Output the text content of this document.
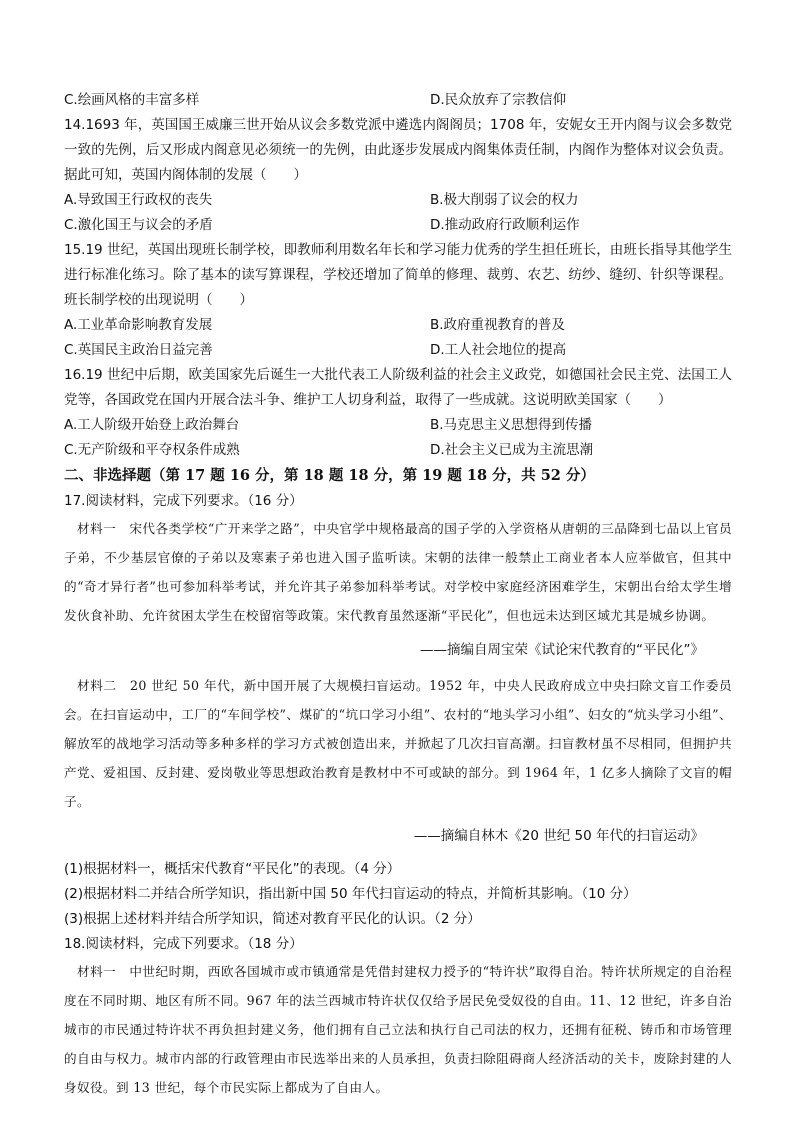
C.绘画风格的丰富多样	D.民众放弃了宗教信仰
14.1693 年，英国国王威廉三世开始从议会多数党派中遴选内阁阁员；1708 年，安妮女王开内阁与议会多数党一致的先例，后又形成内阁意见必须统一的先例，由此逐步发展成内阁集体责任制，内阁作为整体对议会负责。据此可知，英国内阁体制的发展（　　）
A.导致国王行政权的丧失	B.极大削弱了议会的权力
C.激化国王与议会的矛盾	D.推动政府行政顺利运作
15.19 世纪，英国出现班长制学校，即教师利用数名年长和学习能力优秀的学生担任班长，由班长指导其他学生进行标准化练习。除了基本的读写算课程，学校还增加了简单的修理、裁剪、农艺、纺纱、缝纫、针织等课程。班长制学校的出现说明（　　）
A.工业革命影响教育发展	B.政府重视教育的普及
C.英国民主政治日益完善	D.工人社会地位的提高
16.19 世纪中后期，欧美国家先后诞生一大批代表工人阶级利益的社会主义政党，如德国社会民主党、法国工人党等，各国政党在国内开展合法斗争、维护工人切身利益，取得了一些成就。这说明欧美国家（　　）
A.工人阶级开始登上政治舞台	B.马克思主义思想得到传播
C.无产阶级和平夺权条件成熟	D.社会主义已成为主流思潮
二、非选择题（第 17 题 16 分，第 18 题 18 分，第 19 题 18 分，共 52 分）
17.阅读材料，完成下列要求。（16 分）
材料一　宋代各类学校“广开来学之路”，中央官学中规格最高的国子学的入学资格从唐朝的三品降到七品以上官员子弟，不少基层官僚的子弟以及寒素子弟也进入国子监听读。宋朝的法律一般禁止工商业者本人应举做官，但其中的“奇才异行者”也可参加科举考试，并允许其子弟参加科举考试。对学校中家庭经济困难学生，宋朝出台给太学生增发伙食补助、允许贫困太学生在校留宿等政策。宋代教育虽然逐渐“平民化”，但也远未达到区域尤其是城乡协调。
——摘编自周宝荣《试论宋代教育的“平民化”》
材料二　20 世纪 50 年代，新中国开展了大规模扫盲运动。1952 年，中央人民政府成立中央扫除文盲工作委员会。在扫盲运动中，工厂的“车间学校”、煤矿的“坑口学习小组”、农村的“地头学习小组”、妇女的“炕头学习小组”、解放军的战地学习活动等多种多样的学习方式被创造出来，并掀起了几次扫盲高潮。扫盲教材虽不尽相同，但拥护共产党、爱祖国、反封建、爱岗敬业等思想政治教育是教材中不可或缺的部分。到 1964 年，1 亿多人摘除了文盲的帽子。
——摘编自林木《20 世纪 50 年代的扫盲运动》
(1)根据材料一，概括宋代教育“平民化”的表现。（4 分）
(2)根据材料二并结合所学知识，指出新中国 50 年代扫盲运动的特点，并简析其影响。（10 分）
(3)根据上述材料并结合所学知识，简述对教育平民化的认识。（2 分）
18.阅读材料，完成下列要求。（18 分）
材料一　中世纪时期，西欧各国城市或市镇通常是凭借封建权力授予的“特许状”取得自治。特许状所规定的自治程度在不同时期、地区有所不同。967 年的法兰西城市特许状仅仅给予居民免受奴役的自由。11、12 世纪，许多自治城市的市民通过特许状不再负担封建义务，他们拥有自己立法和执行自己司法的权力，还拥有征税、铸币和市场管理的自由与权力。城市内部的行政管理由市民选举出来的人员承担，负责扫除阻碍商人经济活动的关卡，废除封建的人身奴役。到 13 世纪，每个市民实际上都成为了自由人。
